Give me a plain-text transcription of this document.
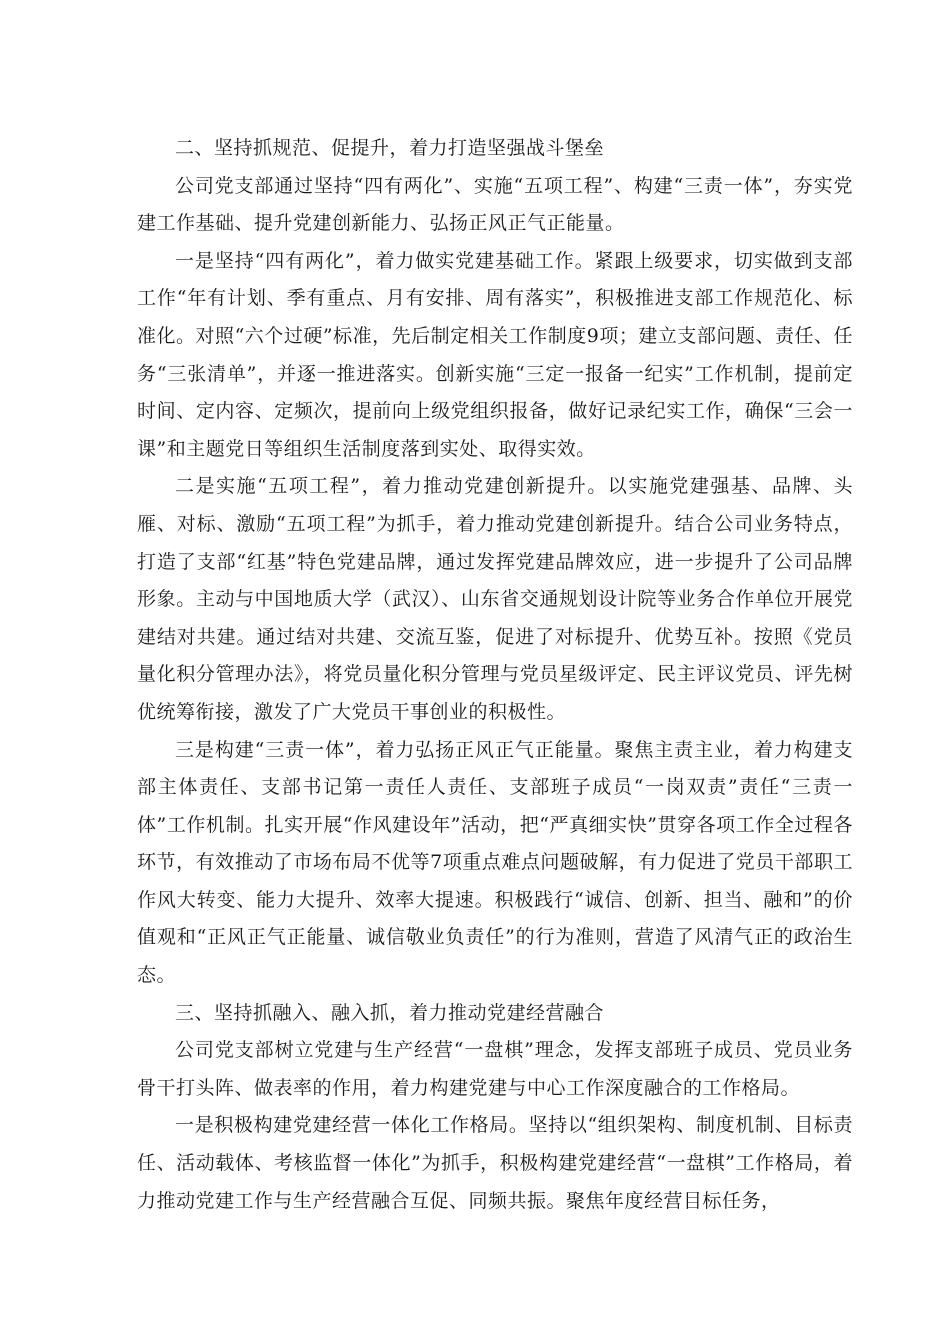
二、坚持抓规范、促提升，着力打造坚强战斗堡垒

公司党支部通过坚持“四有两化”、实施“五项工程”、构建“三责一体”，夯实党建工作基础、提升党建创新能力、弘扬正风正气正能量。

一是坚持“四有两化”，着力做实党建基础工作。紧跟上级要求，切实做到支部工作“年有计划、季有重点、月有安排、周有落实”，积极推进支部工作规范化、标准化。对照“六个过硬”标准，先后制定相关工作制度9项；建立支部问题、责任、任务“三张清单”，并逐一推进落实。创新实施“三定一报备一纪实”工作机制，提前定时间、定内容、定频次，提前向上级党组织报备，做好记录纪实工作，确保“三会一课”和主题党日等组织生活制度落到实处、取得实效。

二是实施“五项工程”，着力推动党建创新提升。以实施党建强基、品牌、头雁、对标、激励“五项工程”为抓手，着力推动党建创新提升。结合公司业务特点，打造了支部“红基”特色党建品牌，通过发挥党建品牌效应，进一步提升了公司品牌形象。主动与中国地质大学（武汉）、山东省交通规划设计院等业务合作单位开展党建结对共建。通过结对共建、交流互鉴，促进了对标提升、优势互补。按照《党员量化积分管理办法》，将党员量化积分管理与党员星级评定、民主评议党员、评先树优统筹衔接，激发了广大党员干事创业的积极性。

三是构建“三责一体”，着力弘扬正风正气正能量。聚焦主责主业，着力构建支部主体责任、支部书记第一责任人责任、支部班子成员“一岗双责”责任“三责一体”工作机制。扎实开展“作风建设年”活动，把“严真细实快”贯穿各项工作全过程各环节，有效推动了市场布局不优等7项重点难点问题破解，有力促进了党员干部职工作风大转变、能力大提升、效率大提速。积极践行“诚信、创新、担当、融和”的价值观和“正风正气正能量、诚信敬业负责任”的行为准则，营造了风清气正的政治生态。

三、坚持抓融入、融入抓，着力推动党建经营融合

公司党支部树立党建与生产经营“一盘棋”理念，发挥支部班子成员、党员业务骨干打头阵、做表率的作用，着力构建党建与中心工作深度融合的工作格局。

一是积极构建党建经营一体化工作格局。坚持以“组织架构、制度机制、目标责任、活动载体、考核监督一体化”为抓手，积极构建党建经营“一盘棋”工作格局，着力推动党建工作与生产经营融合互促、同频共振。聚焦年度经营目标任务，
